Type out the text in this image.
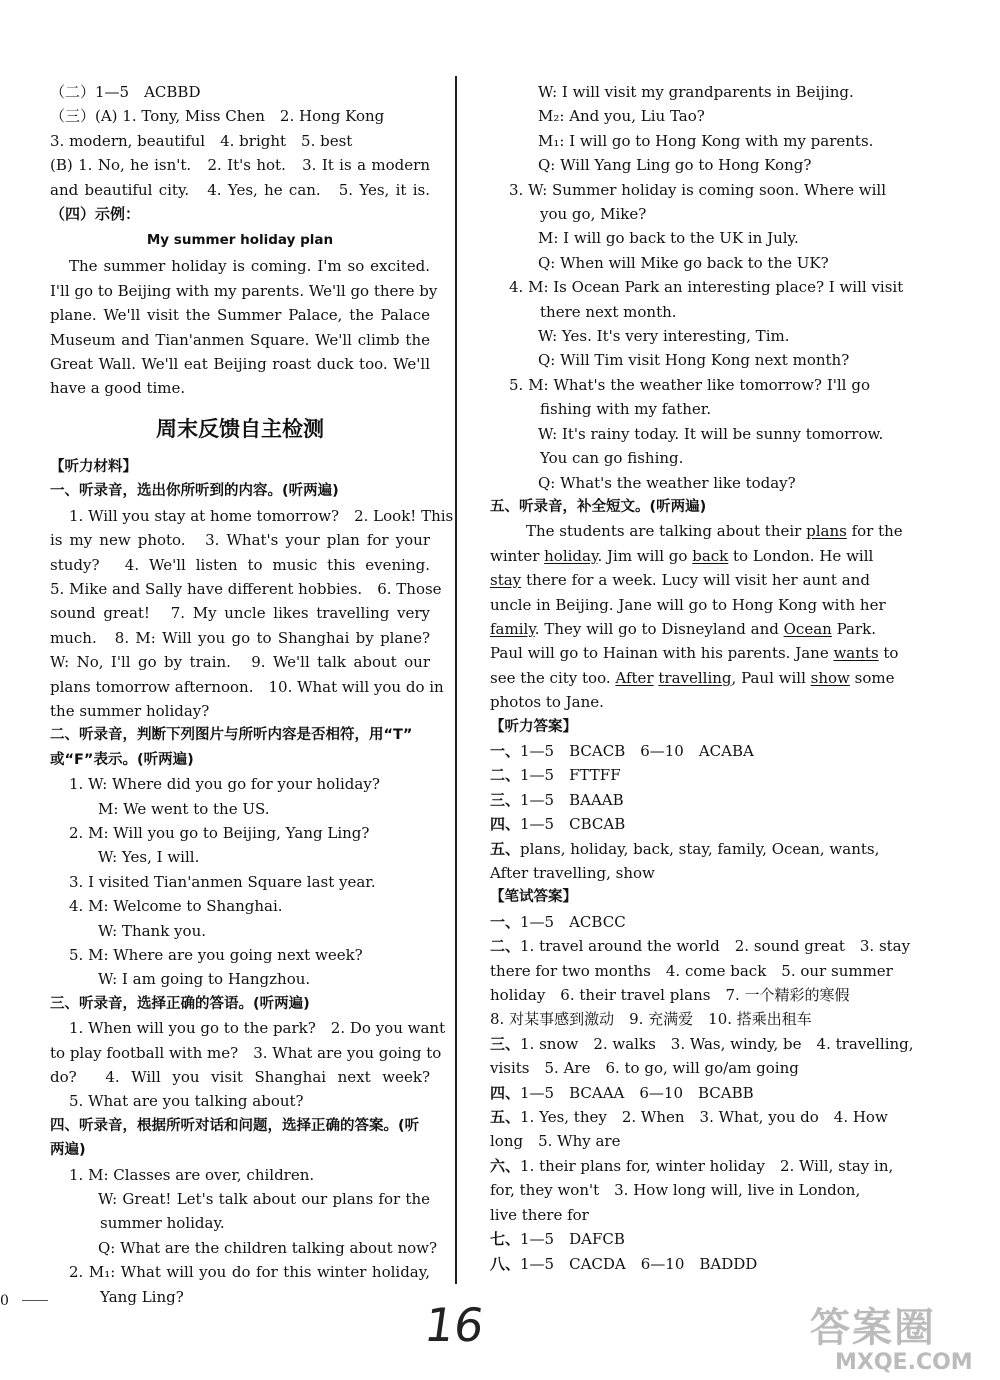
（二）1—5　ACBBD
（三）(A) 1. Tony, Miss Chen　2. Hong Kong
3. modern, beautiful　4. bright　5. best
(B) 1. No, he isn't.　2. It's hot.　3. It is a modern
and beautiful city.　4. Yes, he can.　5. Yes, it is.
（四）示例：
My summer holiday plan
The summer holiday is coming. I'm so excited.
I'll go to Beijing with my parents. We'll go there by
plane. We'll visit the Summer Palace, the Palace
Museum and Tian'anmen Square. We'll climb the
Great Wall. We'll eat Beijing roast duck too. We'll
have a good time.
周末反馈自主检测
【听力材料】
一、听录音，选出你所听到的内容。(听两遍)
1. Will you stay at home tomorrow?　2. Look! This
is my new photo.　3. What's your plan for your
study?　4. We'll listen to music this evening.
5. Mike and Sally have different hobbies.　6. Those
sound great!　7. My uncle likes travelling very
much.　8. M: Will you go to Shanghai by plane?
W: No, I'll go by train.　9. We'll talk about our
plans tomorrow afternoon.　10. What will you do in
the summer holiday?
二、听录音，判断下列图片与所听内容是否相符，用“T”
或“F”表示。(听两遍)
1. W: Where did you go for your holiday?
M: We went to the US.
2. M: Will you go to Beijing, Yang Ling?
W: Yes, I will.
3. I visited Tian'anmen Square last year.
4. M: Welcome to Shanghai.
W: Thank you.
5. M: Where are you going next week?
W: I am going to Hangzhou.
三、听录音，选择正确的答语。(听两遍)
1. When will you go to the park?　2. Do you want
to play football with me?　3. What are you going to
do?　4. Will you visit Shanghai next week?
5. What are you talking about?
四、听录音，根据所听对话和问题，选择正确的答案。(听
两遍)
1. M: Classes are over, children.
W: Great! Let's talk about our plans for the
summer holiday.
Q: What are the children talking about now?
2. M₁: What will you do for this winter holiday,
Yang Ling?
W: I will visit my grandparents in Beijing.
M₂: And you, Liu Tao?
M₁: I will go to Hong Kong with my parents.
Q: Will Yang Ling go to Hong Kong?
3. W: Summer holiday is coming soon. Where will
you go, Mike?
M: I will go back to the UK in July.
Q: When will Mike go back to the UK?
4. M: Is Ocean Park an interesting place? I will visit
there next month.
W: Yes. It's very interesting, Tim.
Q: Will Tim visit Hong Kong next month?
5. M: What's the weather like tomorrow? I'll go
fishing with my father.
W: It's rainy today. It will be sunny tomorrow.
You can go fishing.
Q: What's the weather like today?
五、听录音，补全短文。(听两遍)
The students are talking about their plans for the
winter holiday. Jim will go back to London. He will
stay there for a week. Lucy will visit her aunt and
uncle in Beijing. Jane will go to Hong Kong with her
family. They will go to Disneyland and Ocean Park.
Paul will go to Hainan with his parents. Jane wants to
see the city too. After travelling, Paul will show some
photos to Jane.
【听力答案】
一、1—5　BCACB　6—10　ACABA
二、1—5　FTTFF
三、1—5　BAAAB
四、1—5　CBCAB
五、plans, holiday, back, stay, family, Ocean, wants,
After travelling, show
【笔试答案】
一、1—5　ACBCC
二、1. travel around the world　2. sound great　3. stay
there for two months　4. come back　5. our summer
holiday　6. their travel plans　7. 一个精彩的寒假
8. 对某事感到激动　9. 充满爱　10. 搭乘出租车
三、1. snow　2. walks　3. Was, windy, be　4. travelling,
visits　5. Are　6. to go, will go/am going
四、1—5　BCAAA　6—10　BCABB
五、1. Yes, they　2. When　3. What, you do　4. How
long　5. Why are
六、1. their plans for, winter holiday　2. Will, stay in,
for, they won't　3. How long will, live in London,
live there for
七、1—5　DAFCB
八、1—5　CACDA　6—10　BADDD
0	16	答案圈
MXQE.COM
